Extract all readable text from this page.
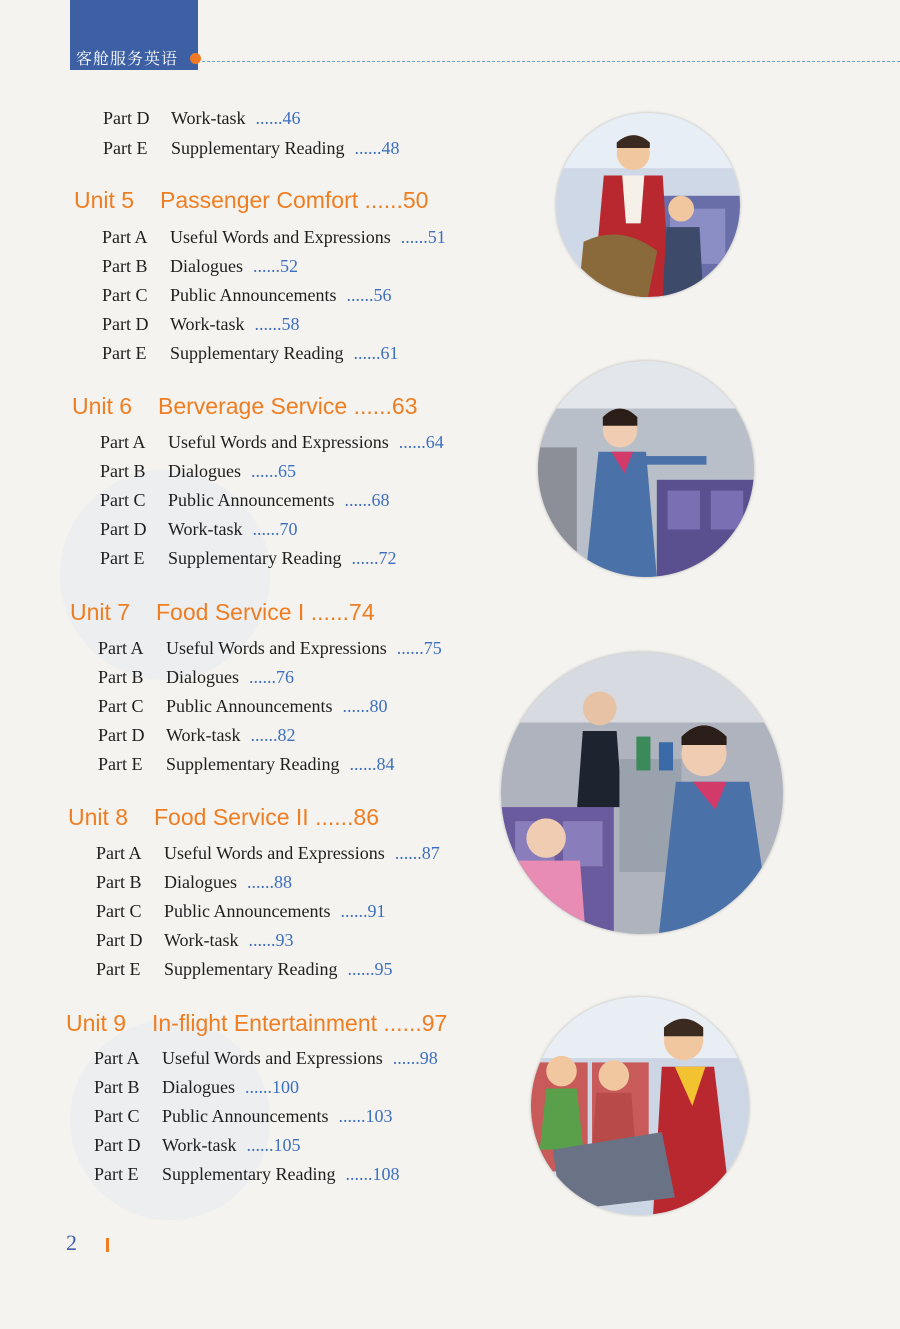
客舱服务英语
Part D Work-task ......46
Part E Supplementary Reading ......48
Unit 5 Passenger Comfort ......50
Part A Useful Words and Expressions ......51
Part B Dialogues ......52
Part C Public Announcements ......56
Part D Work-task ......58
Part E Supplementary Reading ......61
Unit 6 Berverage Service ......63
Part A Useful Words and Expressions ......64
Part B Dialogues ......65
Part C Public Announcements ......68
Part D Work-task ......70
Part E Supplementary Reading ......72
Unit 7 Food Service I ......74
Part A Useful Words and Expressions ......75
Part B Dialogues ......76
Part C Public Announcements ......80
Part D Work-task ......82
Part E Supplementary Reading ......84
Unit 8 Food Service II ......86
Part A Useful Words and Expressions ......87
Part B Dialogues ......88
Part C Public Announcements ......91
Part D Work-task ......93
Part E Supplementary Reading ......95
Unit 9 In-flight Entertainment ......97
Part A Useful Words and Expressions ......98
Part B Dialogues ......100
Part C Public Announcements ......103
Part D Work-task ......105
Part E Supplementary Reading ......108
2
